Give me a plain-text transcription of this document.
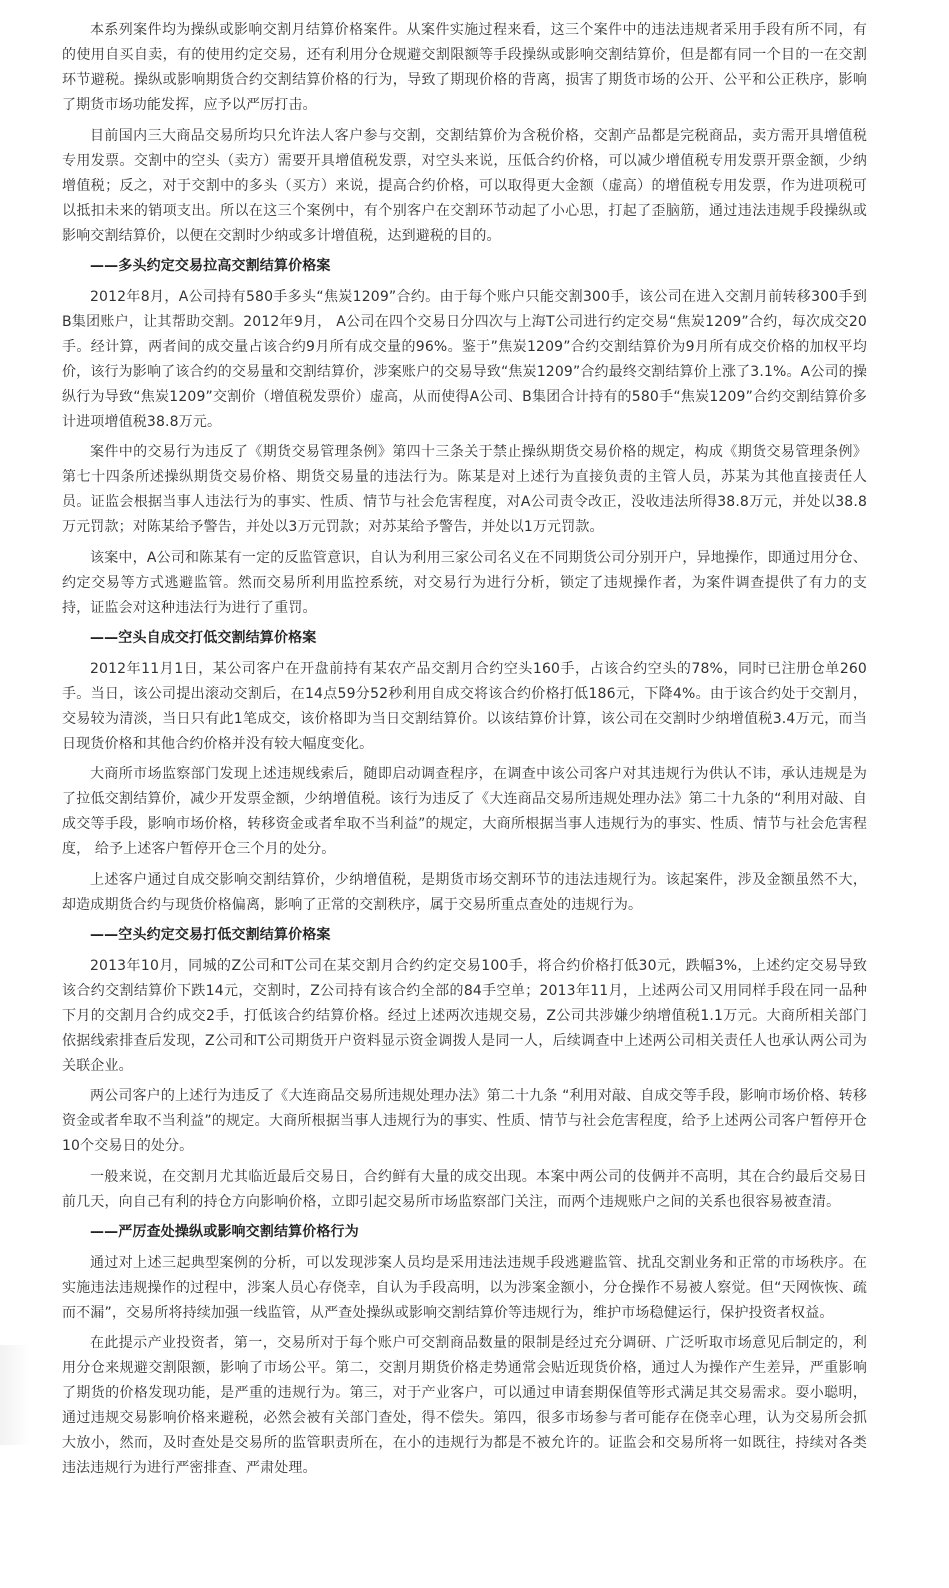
本系列案件均为操纵或影响交割月结算价格案件。从案件实施过程来看，这三个案件中的违法违规者采用手段有所不同，有的使用自买自卖，有的使用约定交易，还有利用分仓规避交割限额等手段操纵或影响交割结算价，但是都有同一个目的一在交割环节避税。操纵或影响期货合约交割结算价格的行为，导致了期现价格的背离，损害了期货市场的公开、公平和公正秩序，影响了期货市场功能发挥，应予以严厉打击。

目前国内三大商品交易所均只允许法人客户参与交割，交割结算价为含税价格，交割产品都是完税商品，卖方需开具增值税专用发票。交割中的空头（卖方）需要开具增值税发票，对空头来说，压低合约价格，可以减少增值税专用发票开票金额，少纳增值税；反之，对于交割中的多头（买方）来说，提高合约价格，可以取得更大金额（虚高）的增值税专用发票，作为进项税可以抵扣未来的销项支出。所以在这三个案例中，有个别客户在交割环节动起了小心思，打起了歪脑筋，通过违法违规手段操纵或影响交割结算价，以便在交割时少纳或多计增值税，达到避税的目的。

——多头约定交易拉高交割结算价格案

2012年8月，A公司持有580手多头“焦炭1209”合约。由于每个账户只能交割300手，该公司在进入交割月前转移300手到B集团账户，让其帮助交割。2012年9月， A公司在四个交易日分四次与上海T公司进行约定交易“焦炭1209”合约，每次成交20手。经计算，两者间的成交量占该合约9月所有成交量的96%。鉴于”焦炭1209”合约交割结算价为9月所有成交价格的加权平均价，该行为影响了该合约的交易量和交割结算价，涉案账户的交易导致“焦炭1209”合约最终交割结算价上涨了3.1%。A公司的操纵行为导致“焦炭1209”交割价（增值税发票价）虚高，从而使得A公司、B集团合计持有的580手“焦炭1209”合约交割结算价多计进项增值税38.8万元。

案件中的交易行为违反了《期货交易管理条例》第四十三条关于禁止操纵期货交易价格的规定，构成《期货交易管理条例》第七十四条所述操纵期货交易价格、期货交易量的违法行为。陈某是对上述行为直接负责的主管人员，苏某为其他直接责任人员。证监会根据当事人违法行为的事实、性质、情节与社会危害程度，对A公司责令改正，没收违法所得38.8万元，并处以38.8万元罚款；对陈某给予警告，并处以3万元罚款；对苏某给予警告，并处以1万元罚款。

该案中，A公司和陈某有一定的反监管意识，自认为利用三家公司名义在不同期货公司分别开户，异地操作，即通过用分仓、约定交易等方式逃避监管。然而交易所利用监控系统，对交易行为进行分析，锁定了违规操作者，为案件调查提供了有力的支持，证监会对这种违法行为进行了重罚。

——空头自成交打低交割结算价格案

2012年11月1日，某公司客户在开盘前持有某农产品交割月合约空头160手，占该合约空头的78%，同时已注册仓单260手。当日，该公司提出滚动交割后，在14点59分52秒利用自成交将该合约价格打低186元，下降4%。由于该合约处于交割月，交易较为清淡，当日只有此1笔成交，该价格即为当日交割结算价。以该结算价计算，该公司在交割时少纳增值税3.4万元，而当日现货价格和其他合约价格并没有较大幅度变化。

大商所市场监察部门发现上述违规线索后，随即启动调查程序，在调查中该公司客户对其违规行为供认不讳，承认违规是为了拉低交割结算价，减少开发票金额，少纳增值税。该行为违反了《大连商品交易所违规处理办法》第二十九条的“利用对敲、自成交等手段，影响市场价格，转移资金或者牟取不当利益”的规定，大商所根据当事人违规行为的事实、性质、情节与社会危害程度， 给予上述客户暂停开仓三个月的处分。

上述客户通过自成交影响交割结算价，少纳增值税，是期货市场交割环节的违法违规行为。该起案件，涉及金额虽然不大，却造成期货合约与现货价格偏离，影响了正常的交割秩序，属于交易所重点查处的违规行为。

——空头约定交易打低交割结算价格案

2013年10月，同城的Z公司和T公司在某交割月合约约定交易100手，将合约价格打低30元，跌幅3%，上述约定交易导致该合约交割结算价下跌14元，交割时，Z公司持有该合约全部的84手空单；2013年11月，上述两公司又用同样手段在同一品种下月的交割月合约成交2手，打低该合约结算价格。经过上述两次违规交易，Z公司共涉嫌少纳增值税1.1万元。大商所相关部门依据线索排查后发现，Z公司和T公司期货开户资料显示资金调拨人是同一人，后续调查中上述两公司相关责任人也承认两公司为关联企业。

两公司客户的上述行为违反了《大连商品交易所违规处理办法》第二十九条 “利用对敲、自成交等手段，影响市场价格、转移资金或者牟取不当利益”的规定。大商所根据当事人违规行为的事实、性质、情节与社会危害程度，给予上述两公司客户暂停开仓10个交易日的处分。

一般来说，在交割月尤其临近最后交易日，合约鲜有大量的成交出现。本案中两公司的伎俩并不高明，其在合约最后交易日前几天，向自己有利的持仓方向影响价格，立即引起交易所市场监察部门关注，而两个违规账户之间的关系也很容易被查清。

——严厉查处操纵或影响交割结算价格行为

通过对上述三起典型案例的分析，可以发现涉案人员均是采用违法违规手段逃避监管、扰乱交割业务和正常的市场秩序。在实施违法违规操作的过程中，涉案人员心存侥幸，自认为手段高明，以为涉案金额小，分仓操作不易被人察觉。但“天网恢恢、疏而不漏”，交易所将持续加强一线监管，从严查处操纵或影响交割结算价等违规行为，维护市场稳健运行，保护投资者权益。

在此提示产业投资者，第一，交易所对于每个账户可交割商品数量的限制是经过充分调研、广泛听取市场意见后制定的，利用分仓来规避交割限额，影响了市场公平。第二，交割月期货价格走势通常会贴近现货价格，通过人为操作产生差异，严重影响了期货的价格发现功能，是严重的违规行为。第三，对于产业客户，可以通过申请套期保值等形式满足其交易需求。耍小聪明，通过违规交易影响价格来避税，必然会被有关部门查处，得不偿失。第四，很多市场参与者可能存在侥幸心理，认为交易所会抓大放小，然而，及时查处是交易所的监管职责所在，在小的违规行为都是不被允许的。证监会和交易所将一如既往，持续对各类违法违规行为进行严密排查、严肃处理。
